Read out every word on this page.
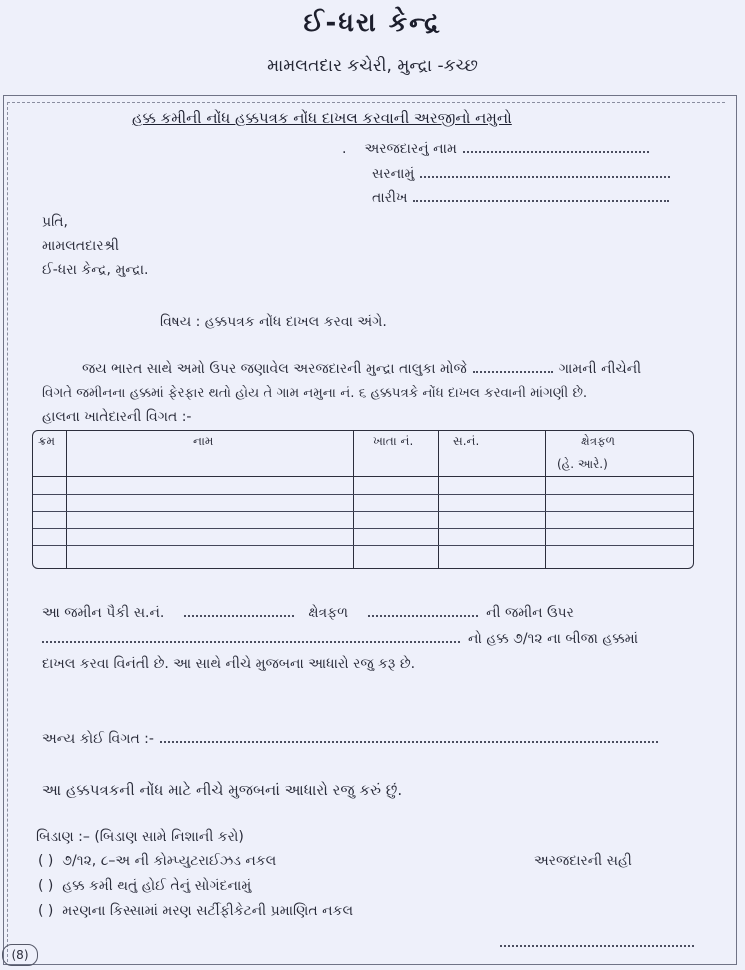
ઈ-ધરા કેન્દ્ર
મામલતદાર કચેરી, મુન્દ્રા -કચ્છ
હક્ક કમીની નોંધ હક્કપત્રક નોંધ દાખલ કરવાની અરજીનો નમુનો
. અરજદારનું નામ
સરનામું
તારીખ
પ્રતિ,
મામલતદારશ્રી
ઈ-ધરા કેન્દ્ર, મુન્દ્રા.
વિષય : હક્કપત્રક નોંધ દાખલ કરવા અંગે.
જય ભારત સાથે અમો ઉપર જણાવેલ અરજદારની મુન્દ્રા તાલુકા મોજે	ગામની નીચેની
વિગતે જમીનના હક્કમાં ફેરફાર થતો હોય તે ગામ નમુના નં. ૬ હક્કપત્રકે નોંધ દાખલ કરવાની માંગણી છે.
હાલના ખાતેદારની વિગત :-
ક્રમ	નામ	ખાતા નં.	સ.નં.	ક્ષેત્રફળ
(હે. આરે.)
આ જમીન પૈકી સ.નં.	ક્ષેત્રફળ	ની જમીન ઉપર
નો હક્ક ૭/૧૨ ના બીજા હક્કમાં
દાખલ કરવા વિનંતી છે. આ સાથે નીચે મુજબના આધારો રજુ કરૂ છે.
અન્ય કોઈ વિગત :-
આ હક્કપત્રકની નોંધ માટે નીચે મુજબનાં આધારો રજુ કરું છું.
બિડાણ :– (બિડાણ સામે નિશાની કરો)
( ) ૭/૧૨, ૮–અ ની કોમ્પ્યુટરાઈઝડ નકલ
( ) હક્ક કમી થતું હોઈ તેનું સોગંદનામું
( ) મરણના કિસ્સામાં મરણ સર્ટીફીકેટની પ્રમાણિત નકલ
અરજદારની સહી
(8)
